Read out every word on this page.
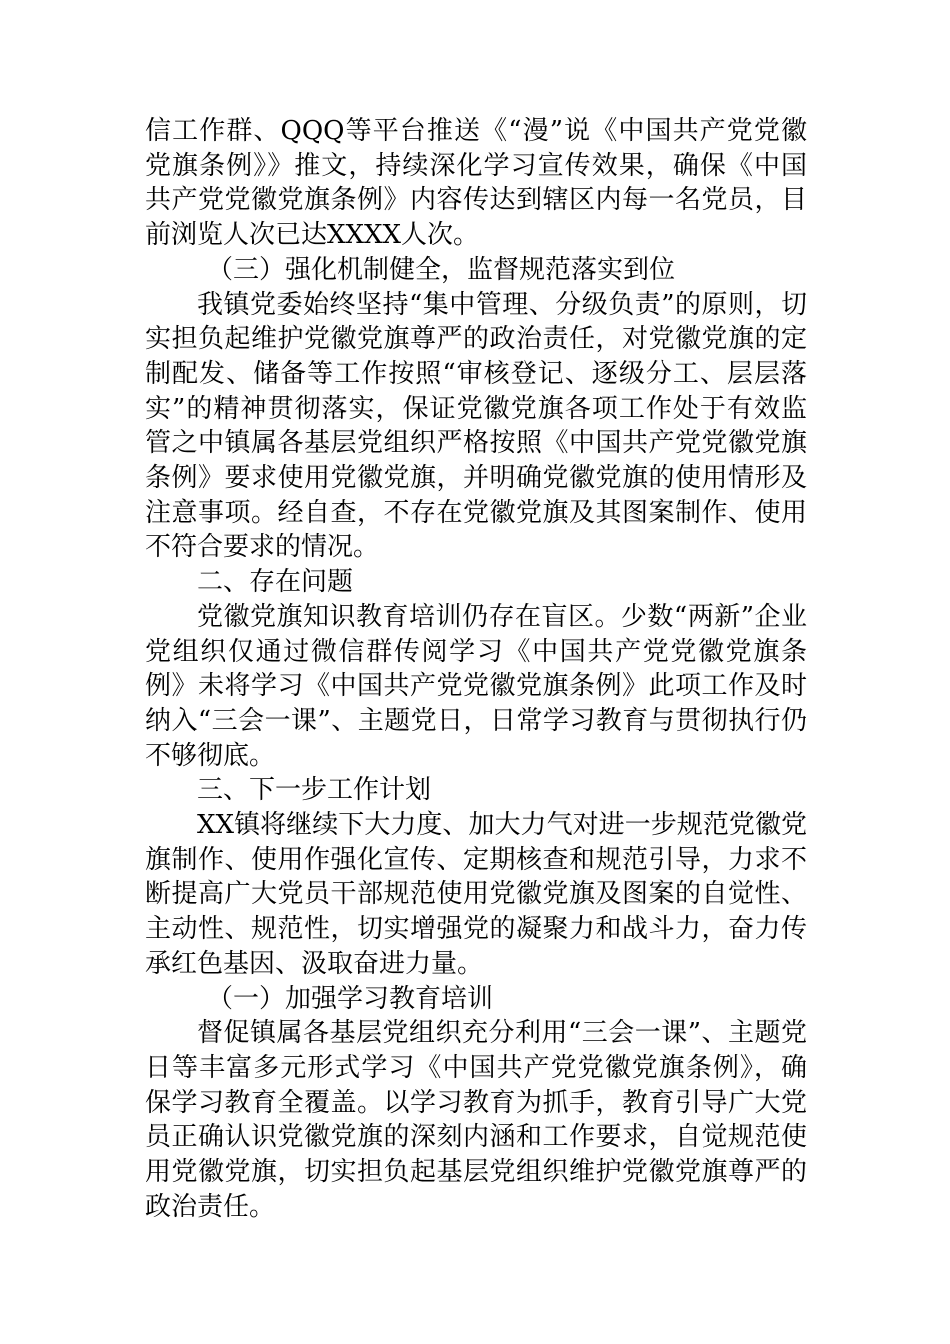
信工作群、QQQ等平台推送《“漫”说《中国共产党党徽党旗条例》》推文，持续深化学习宣传效果，确保《中国共产党党徽党旗条例》内容传达到辖区内每一名党员，目前浏览人次已达XXXX人次。

（三）强化机制健全，监督规范落实到位

我镇党委始终坚持“集中管理、分级负责”的原则，切实担负起维护党徽党旗尊严的政治责任，对党徽党旗的定制配发、储备等工作按照“审核登记、逐级分工、层层落实”的精神贯彻落实，保证党徽党旗各项工作处于有效监管之中镇属各基层党组织严格按照《中国共产党党徽党旗条例》要求使用党徽党旗，并明确党徽党旗的使用情形及注意事项。经自查，不存在党徽党旗及其图案制作、使用不符合要求的情况。

二、存在问题

党徽党旗知识教育培训仍存在盲区。少数“两新”企业党组织仅通过微信群传阅学习《中国共产党党徽党旗条例》未将学习《中国共产党党徽党旗条例》此项工作及时纳入“三会一课”、主题党日，日常学习教育与贯彻执行仍不够彻底。

三、下一步工作计划

XX镇将继续下大力度、加大力气对进一步规范党徽党旗制作、使用作强化宣传、定期核查和规范引导，力求不断提高广大党员干部规范使用党徽党旗及图案的自觉性、主动性、规范性，切实增强党的凝聚力和战斗力，奋力传承红色基因、汲取奋进力量。

（一）加强学习教育培训

督促镇属各基层党组织充分利用“三会一课”、主题党日等丰富多元形式学习《中国共产党党徽党旗条例》，确保学习教育全覆盖。以学习教育为抓手，教育引导广大党员正确认识党徽党旗的深刻内涵和工作要求，自觉规范使用党徽党旗，切实担负起基层党组织维护党徽党旗尊严的政治责任。
